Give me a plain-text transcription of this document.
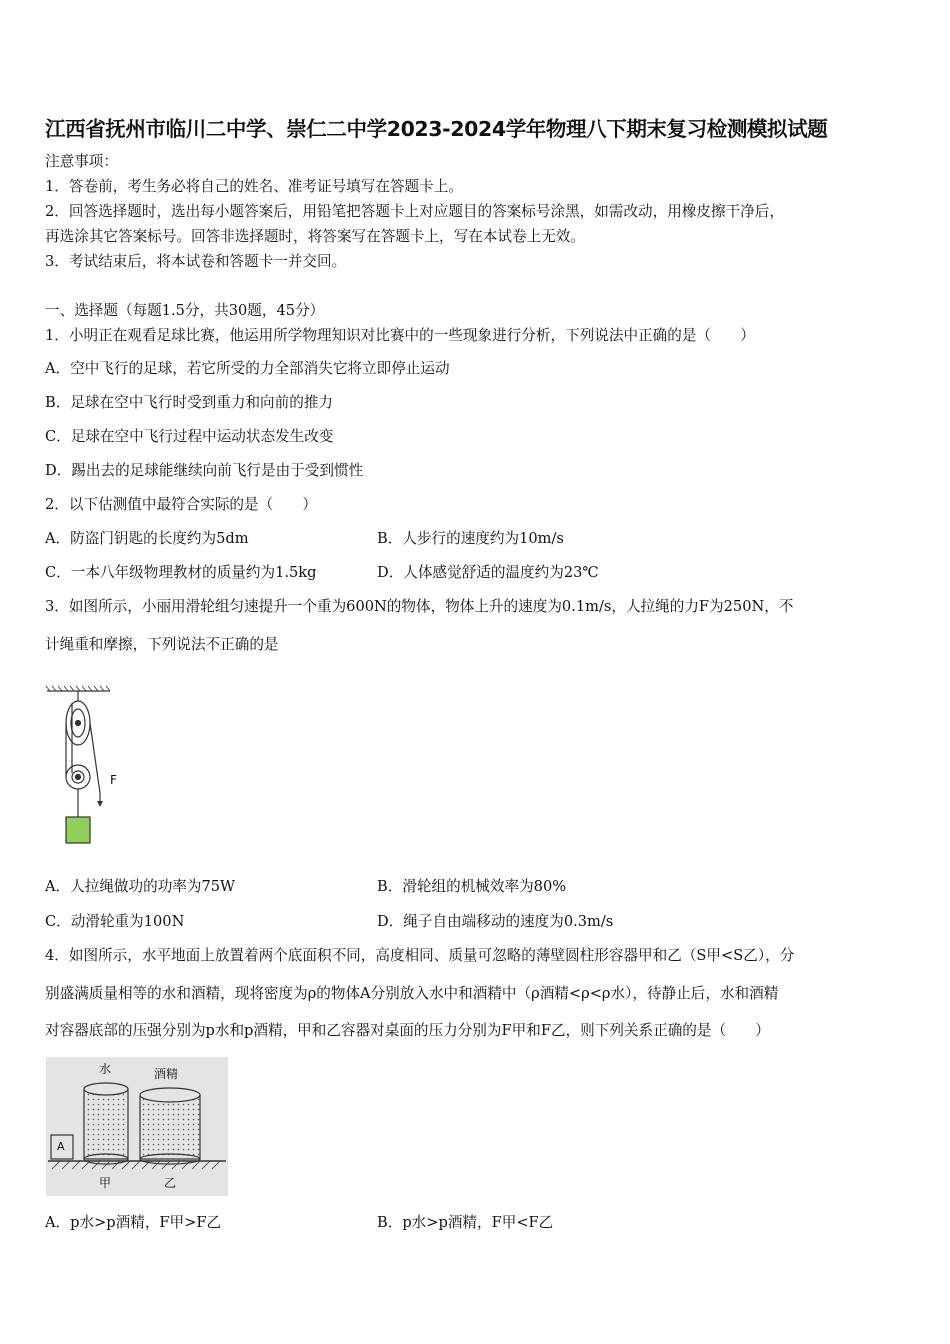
江西省抚州市临川二中学、崇仁二中学2023-2024学年物理八下期末复习检测模拟试题
注意事项：
1．答卷前，考生务必将自己的姓名、准考证号填写在答题卡上。
2．回答选择题时，选出每小题答案后，用铅笔把答题卡上对应题目的答案标号涂黑，如需改动，用橡皮擦干净后，
再选涂其它答案标号。回答非选择题时，将答案写在答题卡上，写在本试卷上无效。
3．考试结束后，将本试卷和答题卡一并交回。
一、选择题（每题1.5分，共30题，45分）
1．小明正在观看足球比赛，他运用所学物理知识对比赛中的一些现象进行分析，下列说法中正确的是（　　）
A．空中飞行的足球，若它所受的力全部消失它将立即停止运动
B．足球在空中飞行时受到重力和向前的推力
C．足球在空中飞行过程中运动状态发生改变
D．踢出去的足球能继续向前飞行是由于受到惯性
2．以下估测值中最符合实际的是（　　）
A．防盗门钥匙的长度约为5dm	B．人步行的速度约为10m/s
C．一本八年级物理教材的质量约为1.5kg	D．人体感觉舒适的温度约为23℃
3．如图所示，小丽用滑轮组匀速提升一个重为600N的物体，物体上升的速度为0.1m/s，人拉绳的力F为250N，不
计绳重和摩擦，下列说法不正确的是
F
A．人拉绳做功的功率为75W	B．滑轮组的机械效率为80%
C．动滑轮重为100N	D．绳子自由端移动的速度为0.3m/s
4．如图所示，水平地面上放置着两个底面积不同，高度相同、质量可忽略的薄壁圆柱形容器甲和乙（S甲<S乙），分
别盛满质量相等的水和酒精，现将密度为ρ的物体A分别放入水中和酒精中（ρ酒精<ρ<ρ水），待静止后，水和酒精
对容器底部的压强分别为p水和p酒精，甲和乙容器对桌面的压力分别为F甲和F乙，则下列关系正确的是（　　）
水	酒精
A
甲	乙
A．p水>p酒精，F甲>F乙	B．p水>p酒精，F甲<F乙
